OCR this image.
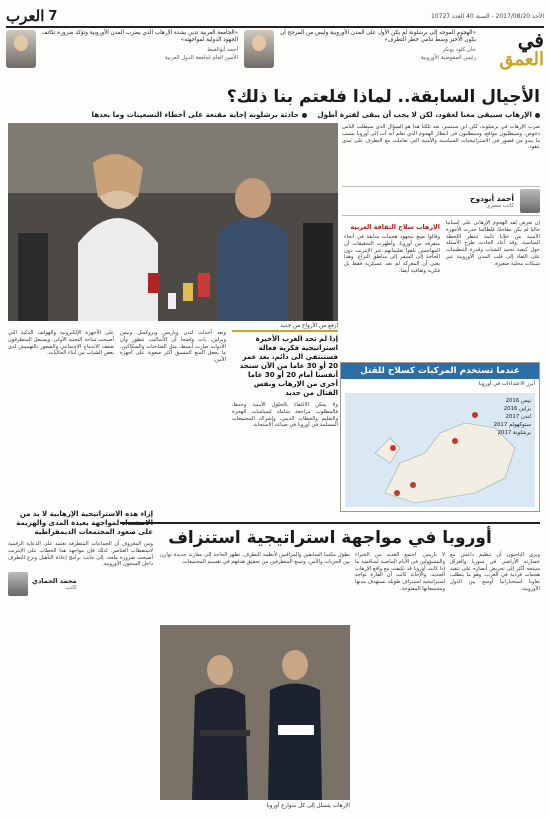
العرب 7	الأحد 2017/08/20 - السنة 40 العدد 10727
«الجامعة العربية تدين بشدة الإرهاب الذي يضرب المدن الأوروبية وتؤكد ضرورة تكاتف الجهود الدولية لمواجهته»
أحمد أبوالغيط
الأمين العام لجامعة الدول العربية
«الهجوم الموجه إلى برشلونة لم يكن الأول على المدن الأوروبية وليس من المرجح أن يكون الأخير وسط تنامي خطر التطرف»
جان كلود يونكر
رئيس المفوضية الأوروبية
في
العمق
الأجيال السابقة.. لماذا فلعتم بنا ذلك؟
الإرهاب سبيقى معنا لعقود، لكن لا يجب أن يبقى لفترة أطول حادثة برشلونة إجابة مقنعة على أخطاء التسعينات وما بعدها
ضرب الإرهاب في برشلونة، لكن ابن سبتمبر، بعد تلكتا هذا هو السؤال الذي سيطلب الناس دخوض، وسيطلبون مواقع، وسيطلبون في انتظار الهجوم الذي نعلم أنه آت إلى أوروبا بسبب ما يبدو من قصور في الاستراتيجيات السياسية والأمنية التي تعاملت مع التطرف على مدى عقود.
ارفع من الأرواح من جديد
أحمد أبودوح
كاتب مصري
إن تعرض لقد الهجوم الإرهابي على إسبانيا حاليا لم يكن مفاجئا، فلطالما حذرت الأجهزة الأمنية من خلايا نائمة تنتظر اللحظة المناسبة. وقد أعاد الحادث طرح الأسئلة حول كيفية تجنيد الشباب وقدرة التنظيمات على النفاذ إلى قلب المدن الأوروبية عبر شبكات محلية صغيرة.
الإرهاب سلاح الثقافة العربية
وقالوا صيغ مجهود هجمات سابقة في أنحاء متفرقة من أوروبا، وأظهرت التحقيقات أن المهاجمين تلقوا تعليماتهم عبر الإنترنت دون الحاجة إلى السفر إلى مناطق النزاع. وهذا يعني أن المعركة لم تعد عسكرية فقط بل فكرية وثقافية أيضا.
عندما تستخدم المركبات كسلاح للقتل
أبرز الاعتداءات في أوروبا
نيس 2016
برلين 2016
لندن 2017
ستوكهولم 2017
برشلونة 2017
على الأجهزة الإلكترونية والهواتف الذكية التي أصبحت ساحة التجنيد الأولى. ويستغل المتطرفون ضعف الاندماج الاجتماعي والشعور بالتهميش لدى بعض الشباب من أبناء الجاليات.
وبعد أحداث لندن وباريس وبروكسل ونيس وبرلين، بات واضحا أن الأساليب تتطور وأن الأدوات صارت أبسط، مثل الشاحنات والسكاكين، ما يجعل المنع المسبق أكثر صعوبة على أجهزة الأمن.
إذا لم تحد الغرب الأخيرة استراتيجية فكرية فعالة فستنتفي الى دائم، بعد عمر 20 أو 30 عاما من الآن سنجد أنفسنا أمام 20 أو 30 عاما أخرى من الإرهاب ونفس القتال من جديد
ولا يمكن الاكتفاء بالحلول الأمنية وحدها، فالمطلوب مراجعة شاملة لسياسات الهجرة والتعليم والخطاب الديني، وإشراك المجتمعات المسلمة في أوروبا في صياغة الاستجابة.
أوروبا في مواجهة استراتيجية استنزاف
لا باريس. اجتمع العديد من الخبراء والمسؤولين في الأيام الماضية لمناقشة ما إذا كانت أوروبا قد تكيفت مع واقع الإرهاب الجديد، والإجابة كانت أن القارة تواجه استراتيجية استنزاف طويلة تستهدف مدنها ومجتمعاتها المفتوحة.
ويرى الباحثون أن تنظيم داعش مع خسارته الأراضي في سوريا والعراق سيتجه أكثر إلى تحريض أنصاره على تنفيذ هجمات فردية في الغرب، وهو ما يتطلب تعاونا استخباراتيا أوسع بين الدول الأوروبية.
بطول مكتبنا السابقين والمراقبين لأنظمة التطرف، تظهر الحاجة إلى مقاربة جديدة توازن بين الحريات والأمن، وتمنع المتطرفين من تحقيق هدفهم في تقسيم المجتمعات.
الإرهاب يتسلل إلى كل شوارع أوروبا
إزاء هذه الاستراتيجية الإرهابية لا بد من الاستعداد لمواجهة بعيدة المدى والهزيمة على صعود المجتمعات الديمقراطية
ومن المعروف أن الجماعات المتطرفة تعتمد على الدعاية الرقمية لاستقطاب العناصر. لذلك فإن مواجهة هذا الخطاب على الإنترنت أصبحت ضرورة ملحة، إلى جانب برامج إعادة التأهيل ونزع التطرف داخل السجون الأوروبية.
محمد الحمادي
كاتب
